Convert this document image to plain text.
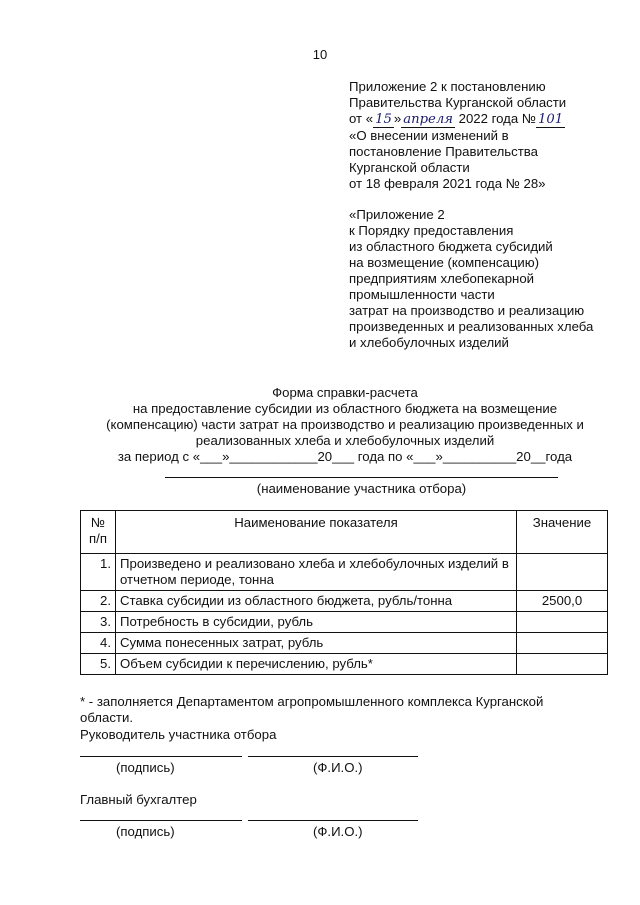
10
Приложение 2 к постановлению
Правительства Курганской области
от « 15 » апреля 2022 года № 101
«О внесении изменений в
постановление Правительства
Курганской области
от 18 февраля 2021 года № 28»
«Приложение 2
к Порядку предоставления
из областного бюджета субсидий
на возмещение (компенсацию)
предприятиям хлебопекарной
промышленности части
затрат на производство и реализацию
произведенных и реализованных хлеба
и хлебобулочных изделий
Форма справки-расчета
на предоставление субсидии из областного бюджета на возмещение
(компенсацию) части затрат на производство и реализацию произведенных и
реализованных хлеба и хлебобулочных изделий
за период с «___»____________20___ года по «___»__________20__года
(наименование участника отбора)
№ п/п	Наименование показателя	Значение
1.	Произведено и реализовано хлеба и хлебобулочных изделий в отчетном периоде, тонна	
2.	Ставка субсидии из областного бюджета, рубль/тонна	2500,0
3.	Потребность в субсидии, рубль	
4.	Сумма понесенных затрат, рубль	
5.	Объем субсидии к перечислению, рубль*	
* - заполняется Департаментом агропромышленного комплекса Курганской
области.
Руководитель участника отбора
(подпись)	(Ф.И.О.)
Главный бухгалтер
(подпись)	(Ф.И.О.)
